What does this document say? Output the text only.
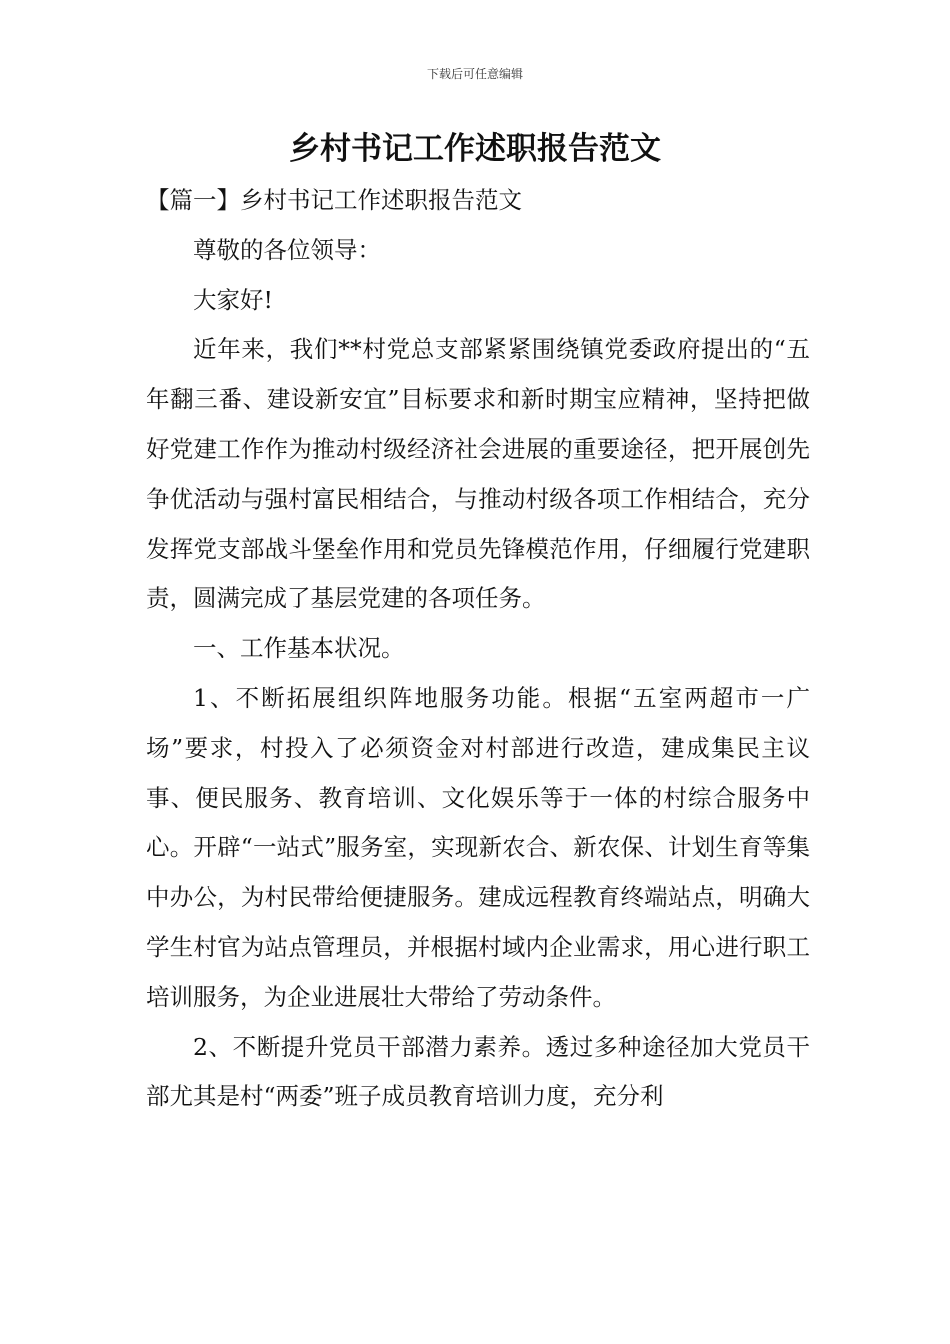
下载后可任意编辑
乡村书记工作述职报告范文

【篇一】乡村书记工作述职报告范文

尊敬的各位领导：

大家好!

近年来，我们**村党总支部紧紧围绕镇党委政府提出的“五年翻三番、建设新安宜”目标要求和新时期宝应精神，坚持把做好党建工作作为推动村级经济社会进展的重要途径，把开展创先争优活动与强村富民相结合，与推动村级各项工作相结合，充分发挥党支部战斗堡垒作用和党员先锋模范作用，仔细履行党建职责，圆满完成了基层党建的各项任务。

一、工作基本状况。

1、不断拓展组织阵地服务功能。根据“五室两超市一广场”要求，村投入了必须资金对村部进行改造，建成集民主议事、便民服务、教育培训、文化娱乐等于一体的村综合服务中心。开辟“一站式”服务室，实现新农合、新农保、计划生育等集中办公，为村民带给便捷服务。建成远程教育终端站点，明确大学生村官为站点管理员，并根据村域内企业需求，用心进行职工培训服务，为企业进展壮大带给了劳动条件。

2、不断提升党员干部潜力素养。透过多种途径加大党员干部尤其是村“两委”班子成员教育培训力度，充分利
